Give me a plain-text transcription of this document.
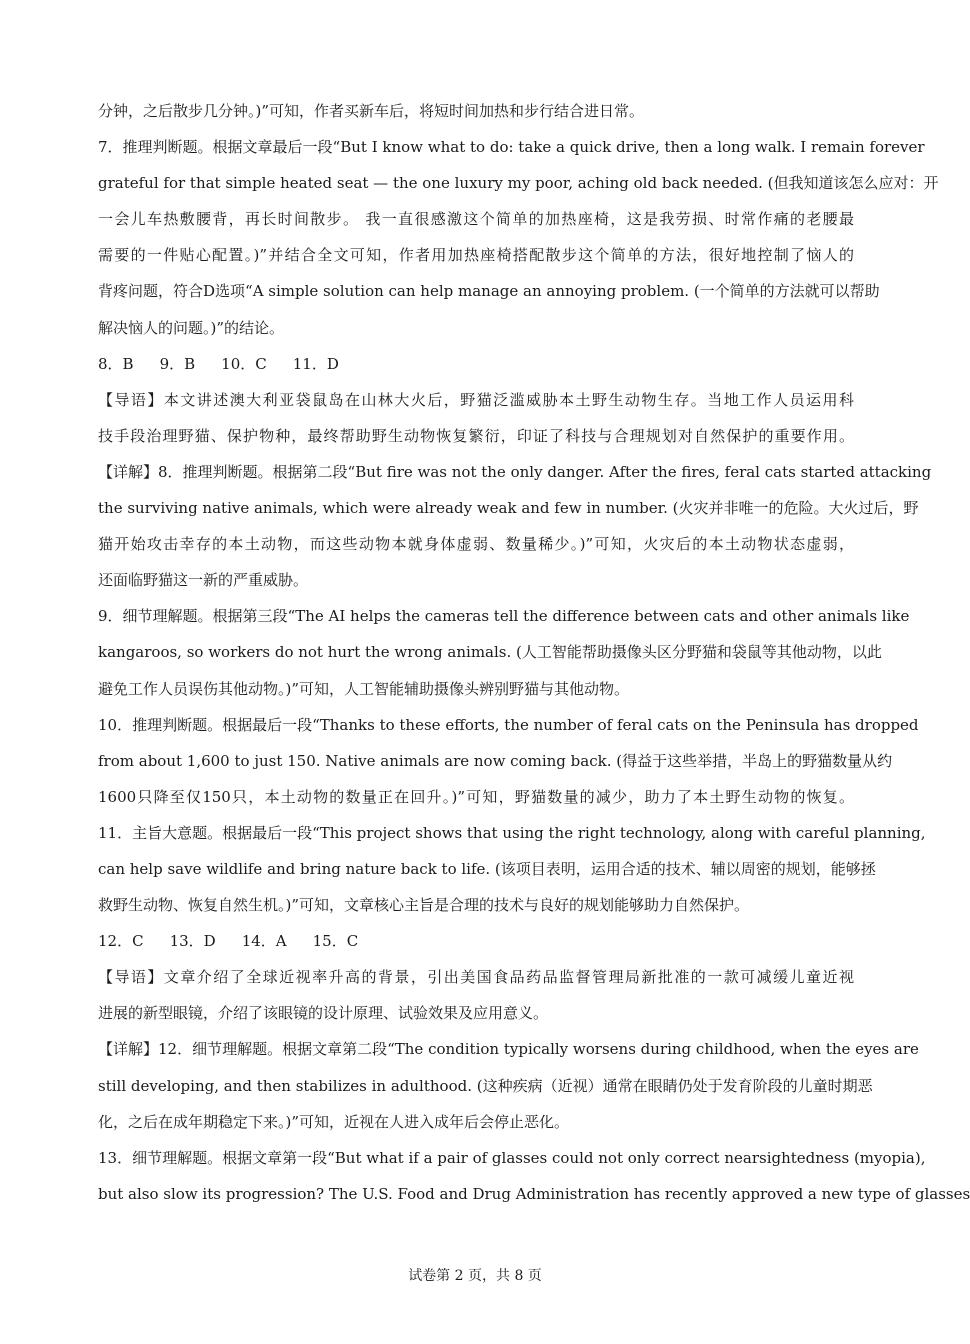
分钟，之后散步几分钟。)”可知，作者买新车后，将短时间加热和步行结合进日常。
7．推理判断题。根据文章最后一段“But I know what to do: take a quick drive, then a long walk. I remain forever
grateful for that simple heated seat — the one luxury my poor, aching old back needed. (但我知道该怎么应对：开
一会儿车热敷腰背，再长时间散步。 我一直很感激这个简单的加热座椅，这是我劳损、时常作痛的老腰最
需要的一件贴心配置。)”并结合全文可知，作者用加热座椅搭配散步这个简单的方法，很好地控制了恼人的
背疼问题，符合D选项“A simple solution can help manage an annoying problem. (一个简单的方法就可以帮助
解决恼人的问题。)”的结论。
8．B 9．B 10．C 11．D
【导语】本文讲述澳大利亚袋鼠岛在山林大火后，野猫泛滥威胁本土野生动物生存。当地工作人员运用科
技手段治理野猫、保护物种，最终帮助野生动物恢复繁衍，印证了科技与合理规划对自然保护的重要作用。
【详解】8．推理判断题。根据第二段“But fire was not the only danger. After the fires, feral cats started attacking
the surviving native animals, which were already weak and few in number. (火灾并非唯一的危险。大火过后，野
猫开始攻击幸存的本土动物，而这些动物本就身体虚弱、数量稀少。)”可知，火灾后的本土动物状态虚弱，
还面临野猫这一新的严重威胁。
9．细节理解题。根据第三段“The AI helps the cameras tell the difference between cats and other animals like
kangaroos, so workers do not hurt the wrong animals. (人工智能帮助摄像头区分野猫和袋鼠等其他动物，以此
避免工作人员误伤其他动物。)”可知，人工智能辅助摄像头辨别野猫与其他动物。
10．推理判断题。根据最后一段“Thanks to these efforts, the number of feral cats on the Peninsula has dropped
from about 1,600 to just 150. Native animals are now coming back. (得益于这些举措，半岛上的野猫数量从约
1600只降至仅150只，本土动物的数量正在回升。)”可知，野猫数量的减少，助力了本土野生动物的恢复。
11．主旨大意题。根据最后一段“This project shows that using the right technology, along with careful planning,
can help save wildlife and bring nature back to life. (该项目表明，运用合适的技术、辅以周密的规划，能够拯
救野生动物、恢复自然生机。)”可知，文章核心主旨是合理的技术与良好的规划能够助力自然保护。
12．C 13．D 14．A 15．C
【导语】文章介绍了全球近视率升高的背景，引出美国食品药品监督管理局新批准的一款可减缓儿童近视
进展的新型眼镜，介绍了该眼镜的设计原理、试验效果及应用意义。
【详解】12．细节理解题。根据文章第二段“The condition typically worsens during childhood, when the eyes are
still developing, and then stabilizes in adulthood. (这种疾病（近视）通常在眼睛仍处于发育阶段的儿童时期恶
化，之后在成年期稳定下来。)”可知，近视在人进入成年后会停止恶化。
13．细节理解题。根据文章第一段“But what if a pair of glasses could not only correct nearsightedness (myopia),
but also slow its progression? The U.S. Food and Drug Administration has recently approved a new type of glasses
试卷第 2 页，共 8 页
